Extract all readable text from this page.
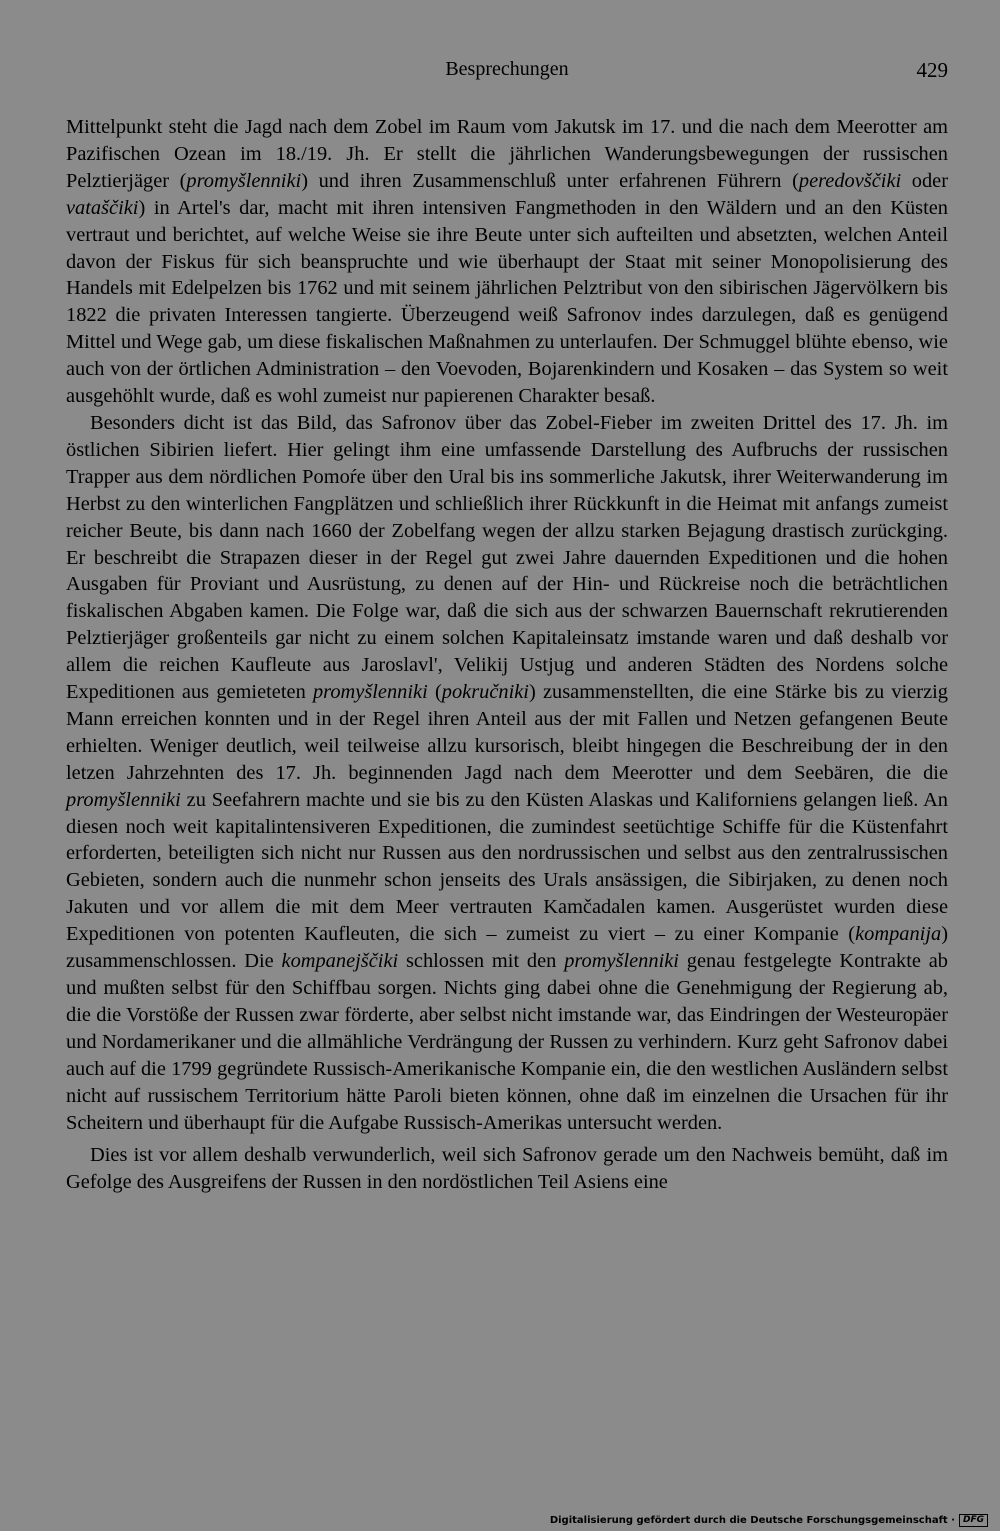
Besprechungen	429

Mittelpunkt steht die Jagd nach dem Zobel im Raum vom Jakutsk im 17. und die nach dem Meerotter am Pazifischen Ozean im 18./19. Jh. Er stellt die jährlichen Wanderungsbewegungen der russischen Pelztierjäger (promyšlenniki) und ihren Zusammenschluß unter erfahrenen Führern (peredovščiki oder vataščiki) in Artel's dar, macht mit ihren intensiven Fangmethoden in den Wäldern und an den Küsten vertraut und berichtet, auf welche Weise sie ihre Beute unter sich aufteilten und absetzten, welchen Anteil davon der Fiskus für sich beanspruchte und wie überhaupt der Staat mit seiner Monopolisierung des Handels mit Edelpelzen bis 1762 und mit seinem jährlichen Pelztribut von den sibirischen Jägervölkern bis 1822 die privaten Interessen tangierte. Überzeugend weiß Safronov indes darzulegen, daß es genügend Mittel und Wege gab, um diese fiskalischen Maßnahmen zu unterlaufen. Der Schmuggel blühte ebenso, wie auch von der örtlichen Administration – den Voevoden, Bojarenkindern und Kosaken – das System so weit ausgehöhlt wurde, daß es wohl zumeist nur papierenen Charakter besaß.

Besonders dicht ist das Bild, das Safronov über das Zobel-Fieber im zweiten Drittel des 17. Jh. im östlichen Sibirien liefert. Hier gelingt ihm eine umfassende Darstellung des Aufbruchs der russischen Trapper aus dem nördlichen Pomoŕe über den Ural bis ins sommerliche Jakutsk, ihrer Weiterwanderung im Herbst zu den winterlichen Fangplätzen und schließlich ihrer Rückkunft in die Heimat mit anfangs zumeist reicher Beute, bis dann nach 1660 der Zobelfang wegen der allzu starken Bejagung drastisch zurückging. Er beschreibt die Strapazen dieser in der Regel gut zwei Jahre dauernden Expeditionen und die hohen Ausgaben für Proviant und Ausrüstung, zu denen auf der Hin- und Rückreise noch die beträchtlichen fiskalischen Abgaben kamen. Die Folge war, daß die sich aus der schwarzen Bauernschaft rekrutierenden Pelztierjäger großenteils gar nicht zu einem solchen Kapitaleinsatz imstande waren und daß deshalb vor allem die reichen Kaufleute aus Jaroslavl', Velikij Ustjug und anderen Städten des Nordens solche Expeditionen aus gemieteten promyšlenniki (pokručniki) zusammenstellten, die eine Stärke bis zu vierzig Mann erreichen konnten und in der Regel ihren Anteil aus der mit Fallen und Netzen gefangenen Beute erhielten. Weniger deutlich, weil teilweise allzu kursorisch, bleibt hingegen die Beschreibung der in den letzen Jahrzehnten des 17. Jh. beginnenden Jagd nach dem Meerotter und dem Seebären, die die promyšlenniki zu Seefahrern machte und sie bis zu den Küsten Alaskas und Kaliforniens gelangen ließ. An diesen noch weit kapitalintensiveren Expeditionen, die zumindest seetüchtige Schiffe für die Küstenfahrt erforderten, beteiligten sich nicht nur Russen aus den nordrussischen und selbst aus den zentralrussischen Gebieten, sondern auch die nunmehr schon jenseits des Urals ansässigen, die Sibirjaken, zu denen noch Jakuten und vor allem die mit dem Meer vertrauten Kamčadalen kamen. Ausgerüstet wurden diese Expeditionen von potenten Kaufleuten, die sich – zumeist zu viert – zu einer Kompanie (kompanija) zusammenschlossen. Die kompanejščiki schlossen mit den promyšlenniki genau festgelegte Kontrakte ab und mußten selbst für den Schiffbau sorgen. Nichts ging dabei ohne die Genehmigung der Regierung ab, die die Vorstöße der Russen zwar förderte, aber selbst nicht imstande war, das Eindringen der Westeuropäer und Nordamerikaner und die allmähliche Verdrängung der Russen zu verhindern. Kurz geht Safronov dabei auch auf die 1799 gegründete Russisch-Amerikanische Kompanie ein, die den westlichen Ausländern selbst nicht auf russischem Territorium hätte Paroli bieten können, ohne daß im einzelnen die Ursachen für ihr Scheitern und überhaupt für die Aufgabe Russisch-Amerikas untersucht werden.

Dies ist vor allem deshalb verwunderlich, weil sich Safronov gerade um den Nachweis bemüht, daß im Gefolge des Ausgreifens der Russen in den nordöstlichen Teil Asiens eine

Digitalisierung gefördert durch die Deutsche Forschungsgemeinschaft · DFG
